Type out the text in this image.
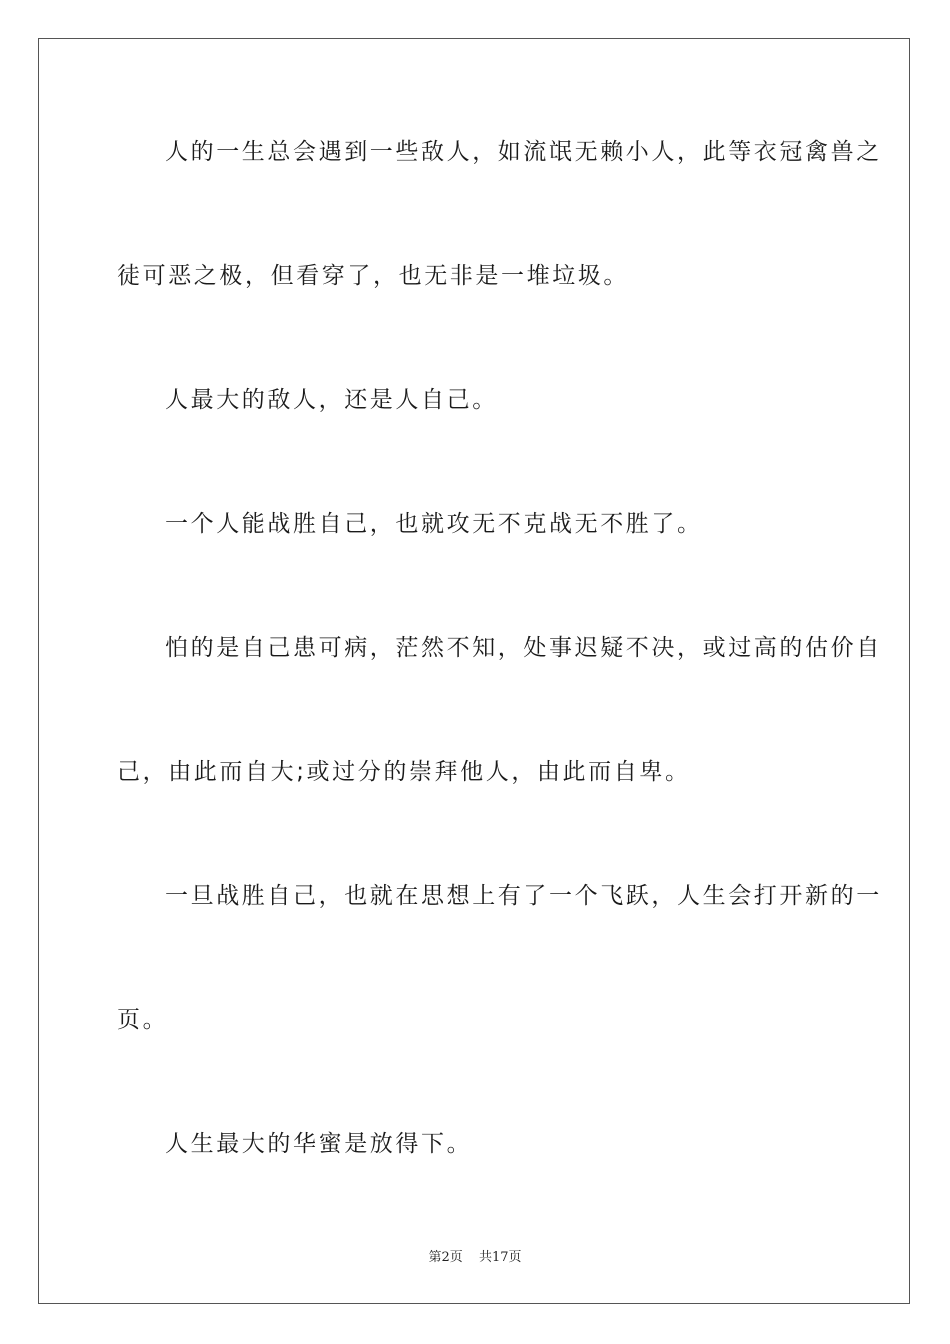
人的一生总会遇到一些敌人，如流氓无赖小人，此等衣冠禽兽之
徒可恶之极，但看穿了，也无非是一堆垃圾。
人最大的敌人，还是人自己。
一个人能战胜自己，也就攻无不克战无不胜了。
怕的是自己患可病，茫然不知，处事迟疑不决，或过高的估价自
己，由此而自大;或过分的崇拜他人，由此而自卑。
一旦战胜自己，也就在思想上有了一个飞跃，人生会打开新的一
页。
人生最大的华蜜是放得下。
第2页 共17页
